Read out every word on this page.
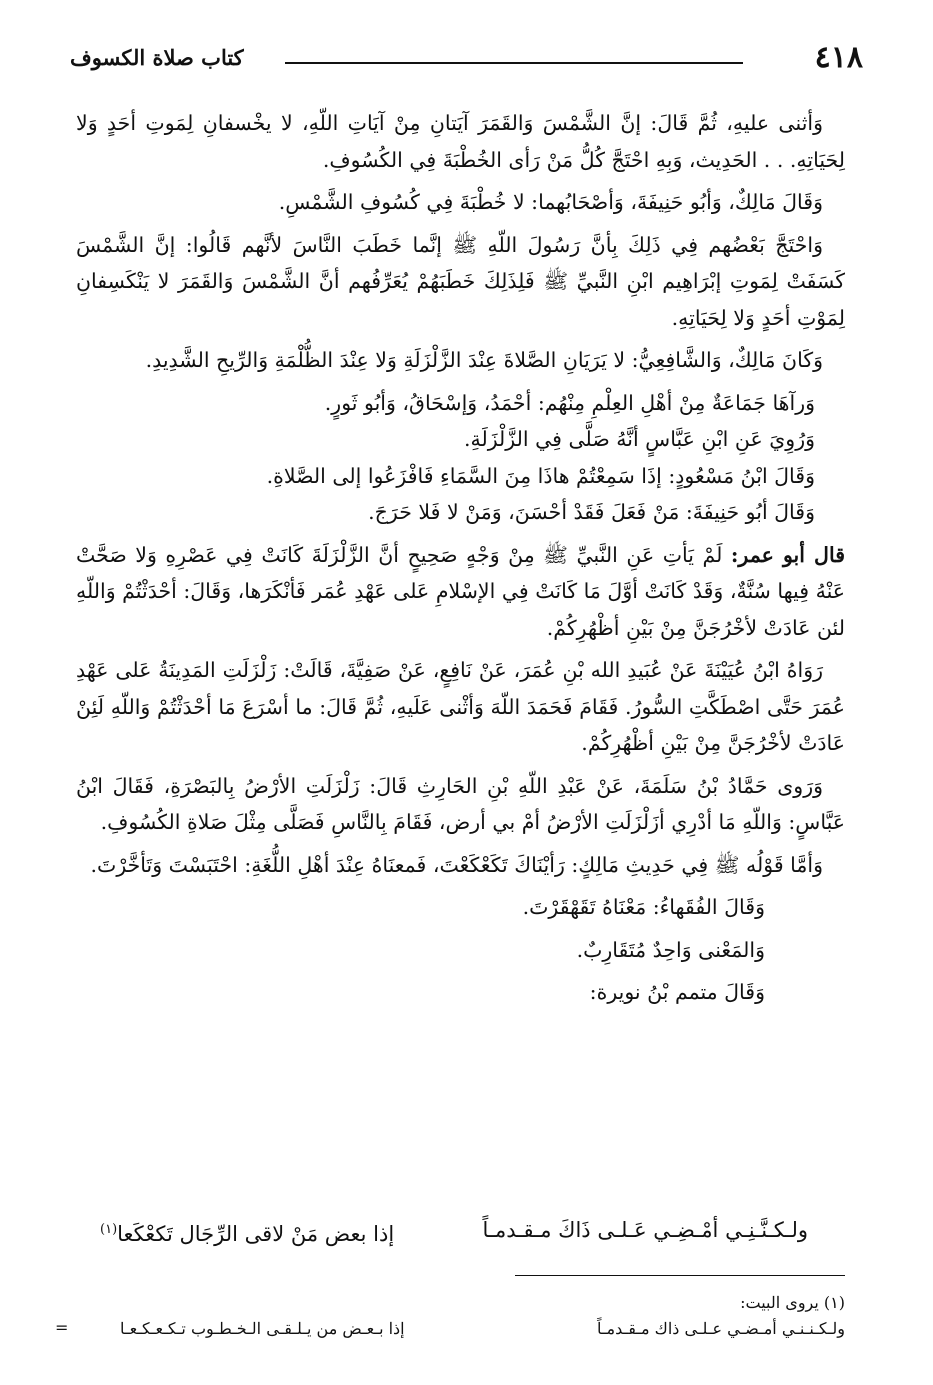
٤١٨
كتاب صلاة الكسوف

وَأثنى عليهِ، ثُمَّ قَالَ: إنَّ الشَّمْسَ وَالقَمَرَ آيَتانِ مِنْ آيَاتِ اللّهِ، لا يخْسفانِ لِمَوتِ أحَدٍ وَلا لِحَيَاتِهِ. . . الحَدِيث، وَبِهِ احْتَجَّ كُلُّ مَنْ رَأى الخُطْبَةَ فِي الكُسُوفِ.

وَقَالَ مَالِكٌ، وَأبُو حَنِيفَةَ، وَأصْحَابُهما: لا خُطْبَةَ فِي كُسُوفِ الشَّمْسِ.

وَاحْتَجَّ بَعْضُهم فِي ذَلِكَ بِأنَّ رَسُولَ اللّهِ ﷺ إنَّما خَطَبَ النَّاسَ لأنَّهم قَالُوا: إنَّ الشَّمْسَ كَسَفَتْ لِمَوتِ إبْرَاهِيم ابْنِ النَّبيِّ ﷺ فَلِذَلِكَ خَطَبَهُمْ يُعَرِّفُهم أنَّ الشَّمْسَ وَالقَمَرَ لا يَنْكَسِفانِ لِمَوْتِ أحَدٍ وَلا لِحَيَاتِهِ.

وَكَانَ مَالِكٌ، وَالشَّافِعِيُّ: لا يَرَيَانِ الصَّلاةَ عِنْدَ الزَّلْزَلَةِ وَلا عِنْدَ الظُّلْمَةِ وَالرِّيحِ الشَّدِيدِ.

وَرآهَا جَمَاعَةٌ مِنْ أهْلِ العِلْمِ مِنْهُم: أحْمَدُ، وَإسْحَاقُ، وَأبُو ثَورٍ.

وَرُوِيَ عَنِ ابْنِ عَبَّاسٍ أنَّهُ صَلَّى فِي الزَّلْزَلَةِ.

وَقَالَ ابْنُ مَسْعُودٍ: إذَا سَمِعْتُمْ هاذَا مِنَ السَّمَاءِ فَافْزَعُوا إلى الصَّلاةِ.

وَقَالَ أبُو حَنِيفَةَ: مَنْ فَعَلَ فَقَدْ أحْسَنَ، وَمَنْ لا فَلا حَرَجَ.

قال أبو عمر: لَمْ يَأتِ عَنِ النَّبيِّ ﷺ مِنْ وَجْهٍ صَحِيحٍ أنَّ الزَّلْزَلَةَ كَانَتْ فِي عَصْرِهِ وَلا صَحَّتْ عَنْهُ فِيها سُنَّةٌ، وَقَدْ كَانَتْ أوَّلَ مَا كَانَتْ فِي الإسْلامِ عَلى عَهْدِ عُمَر فَأنْكَرَها، وَقَالَ: أحْدَثْتُمْ وَاللّهِ لئن عَادَتْ لأخْرُجَنَّ مِنْ بَيْنِ أظْهُرِكُمْ.

رَوَاهُ ابْنُ عُيَيْنَةَ عَنْ عُبَيدِ الله بْنِ عُمَرَ، عَنْ نَافِعٍ، عَنْ صَفِيَّةَ، قَالَتْ: زَلْزَلَتِ المَدِينَةُ عَلى عَهْدِ عُمَرَ حَتَّى اصْطَكَّتِ السُّورُ. فَقَامَ فَحَمَدَ اللّهَ وَأثْنى عَلَيهِ، ثُمَّ قَالَ: ما أسْرَعَ مَا أحْدَثْتُمْ وَاللّهِ لَئِنْ عَادَتْ لأخْرُجَنَّ مِنْ بَيْنِ أظْهُرِكُمْ.

وَرَوى حَمَّادُ بْنُ سَلَمَةَ، عَنْ عَبْدِ اللّهِ بْنِ الحَارِثِ قَالَ: زَلْزَلَتِ الأرْضُ بِالبَصْرَةِ، فَقَالَ ابْنُ عَبَّاسٍ: وَاللّهِ مَا أدْرِي أزَلْزَلَتِ الأرْضُ أمْ بي أرض، فَقَامَ بِالنَّاسِ فَصَلَّى مِثْلَ صَلاةِ الكُسُوفِ.

وَأمَّا قَوْلُه ﷺ فِي حَدِيثِ مَالِكٍ: رَأيْنَاكَ تَكَعْكَعْتَ، فَمعنَاهُ عِنْدَ أهْلِ اللُّغَةِ: احْتَبَسْتَ وَتَأخَّرْتَ.

وَقَالَ الفُقَهاءُ: مَعْنَاهُ تَقَهْقَرْتَ.

وَالمَعْنى وَاحِدٌ مُتَقَارِبٌ.

وَقَالَ متمم بْنُ نويرة:

ولـكـنَّـنِـي أمْـضِـي عَـلـى ذَاكَ مـقـدمـاً
إذا بعض مَنْ لاقى الرِّجَال تَكعْكَعا$^{(١)}$

(١) يروى البيت:

ولـكـنـنـي أمـضـي عـلـى ذاك مـقـدمـاً
إذا بـعـض من يـلـقـى الـخـطـوب تـكـعـكـعـا
=
